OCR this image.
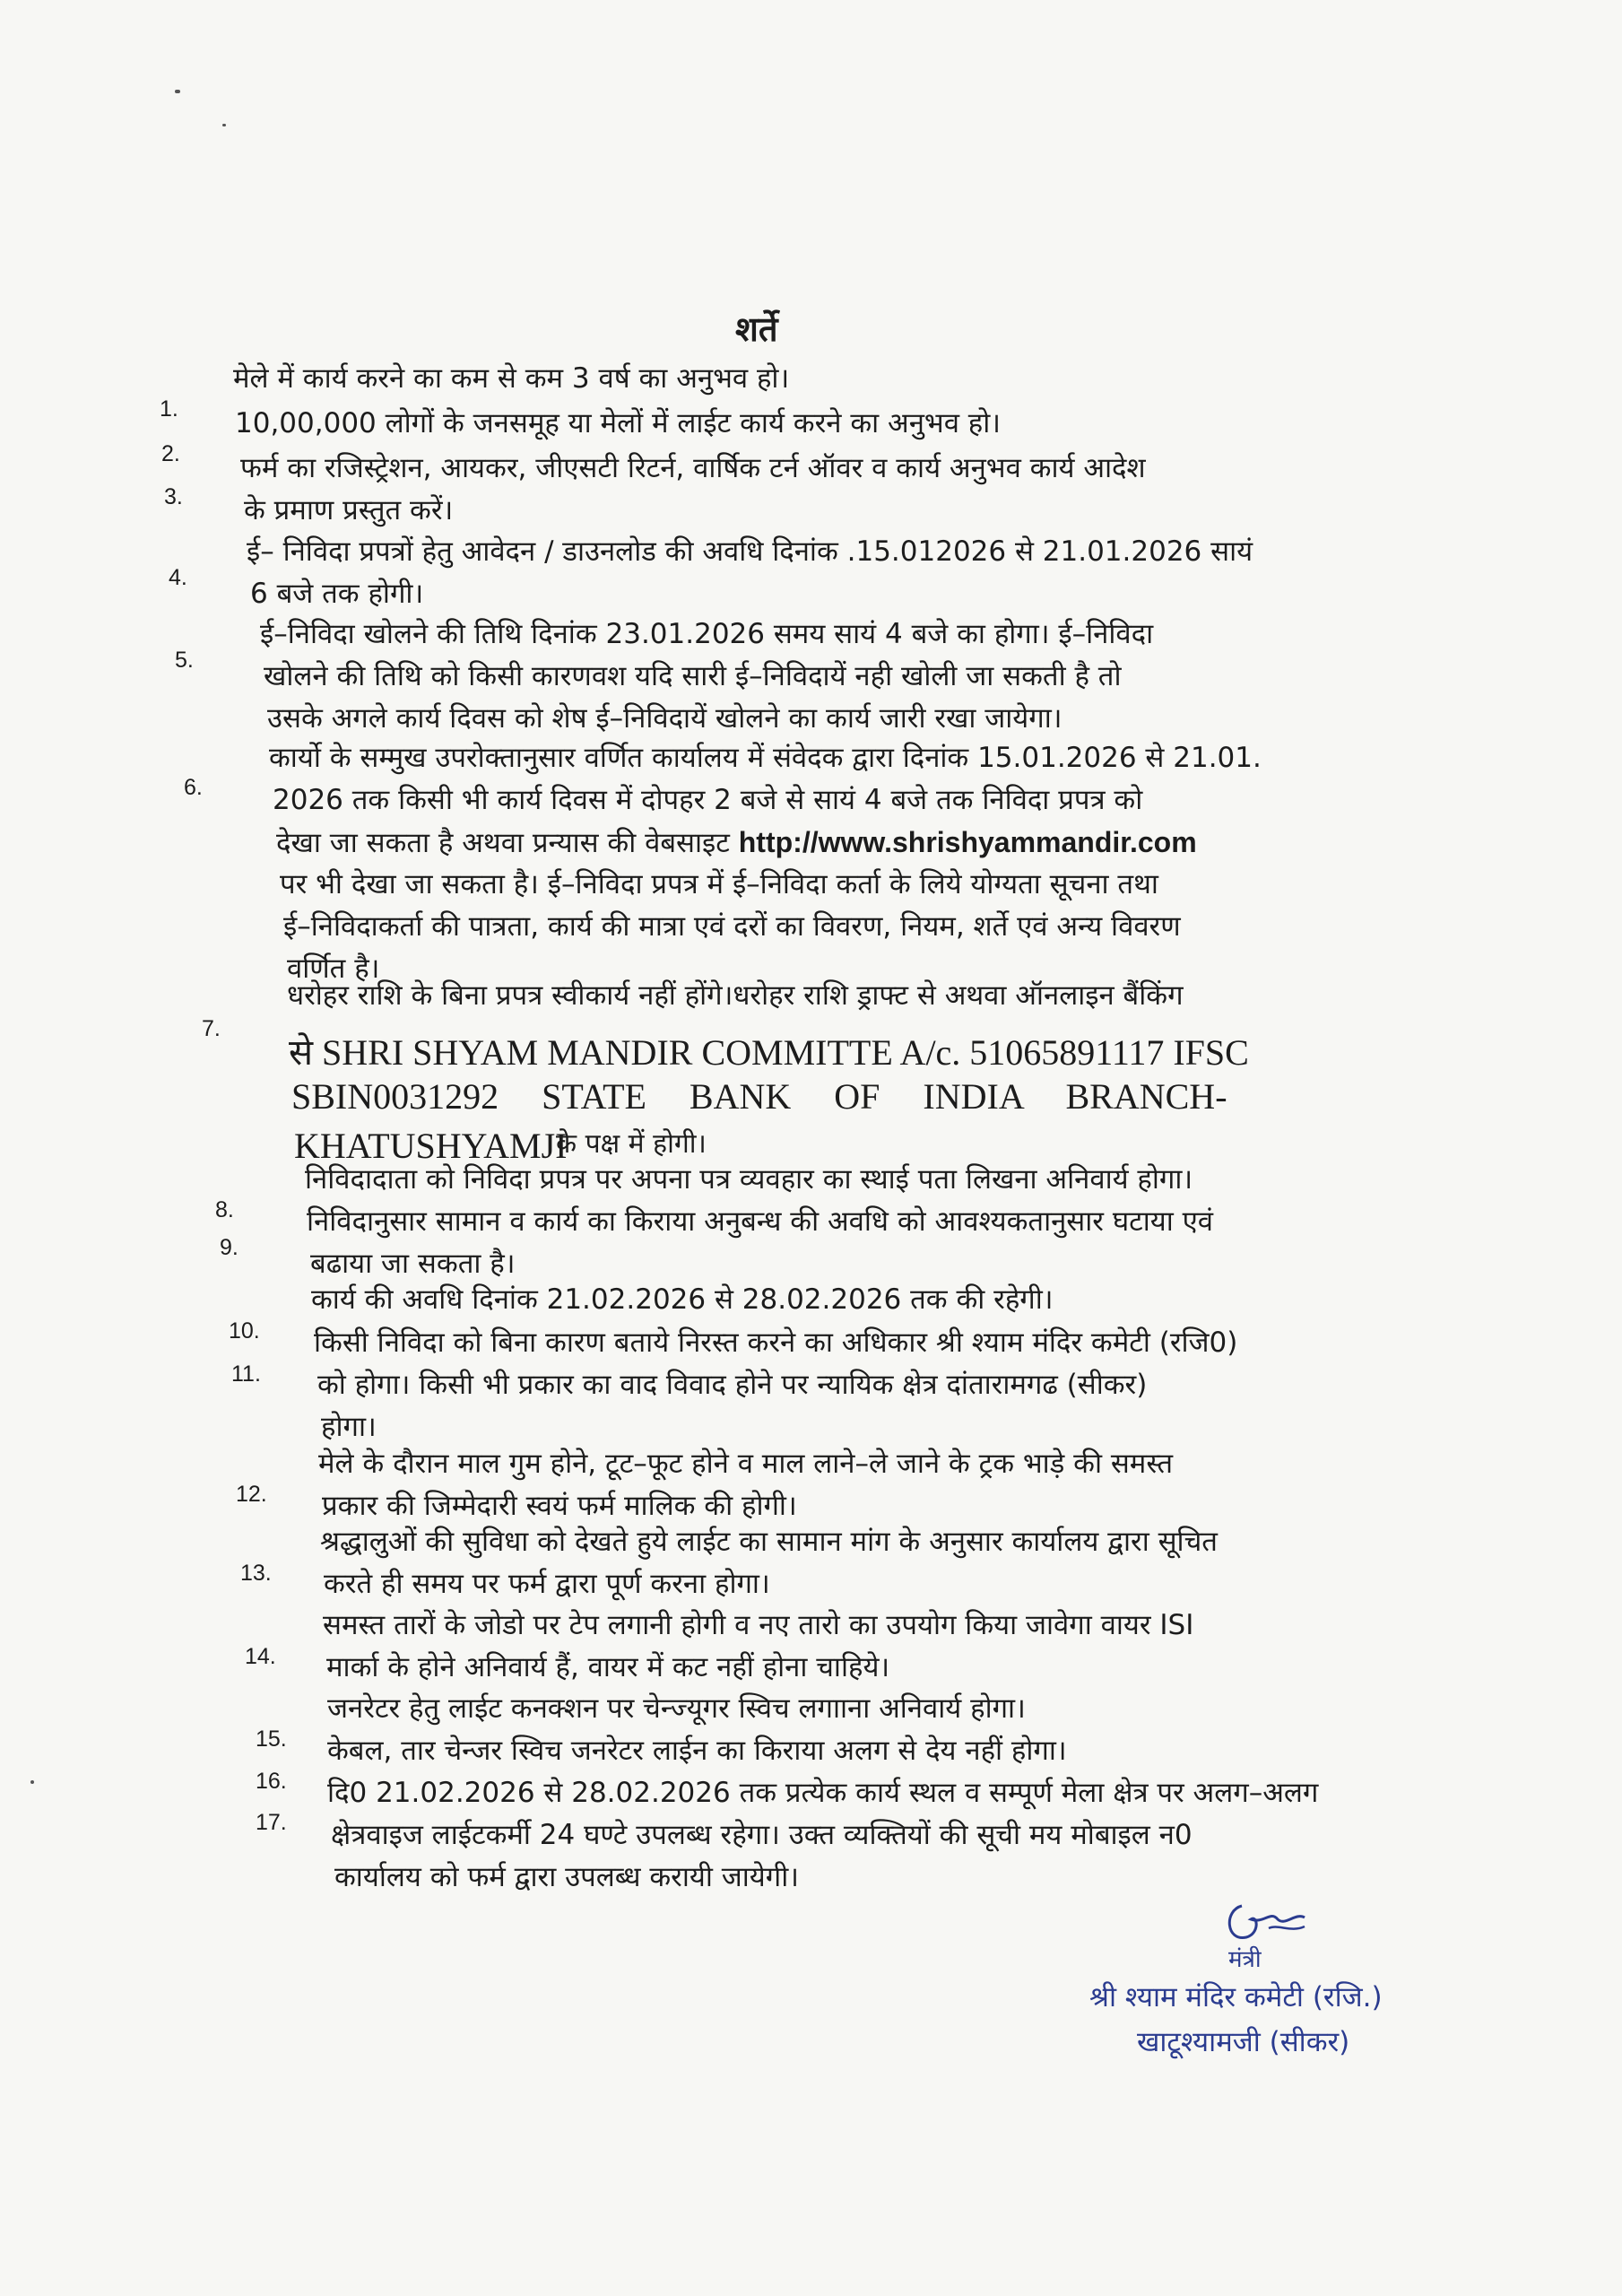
शर्ते
1.
मेले में कार्य करने का कम से कम 3 वर्ष का अनुभव हो।
2.
10,00,000 लोगों के जनसमूह या मेलों में लाईट कार्य करने का अनुभव हो।
3.
फर्म का रजिस्ट्रेशन, आयकर, जीएसटी रिटर्न, वार्षिक टर्न ऑवर व कार्य अनुभव कार्य आदेश
के प्रमाण प्रस्तुत करें।
4.
ई– निविदा प्रपत्रों हेतु आवेदन / डाउनलोड की अवधि दिनांक .15.012026 से 21.01.2026 सायं
6 बजे तक होगी।
5.
ई–निविदा खोलने की तिथि दिनांक 23.01.2026 समय सायं 4 बजे का होगा। ई–निविदा
खोलने की तिथि को किसी कारणवश यदि सारी ई–निविदायें नही खोली जा सकती है तो
उसके अगले कार्य दिवस को शेष ई–निविदायें खोलने का कार्य जारी रखा जायेगा।
6.
कार्यो के सम्मुख उपरोक्तानुसार वर्णित कार्यालय में संवेदक द्वारा दिनांक 15.01.2026 से 21.01.
2026 तक किसी भी कार्य दिवस में दोपहर 2 बजे से सायं 4 बजे तक निविदा प्रपत्र को
देखा जा सकता है अथवा प्रन्यास की वेबसाइट http://www.shrishyammandir.com
पर भी देखा जा सकता है। ई–निविदा प्रपत्र में ई–निविदा कर्ता के लिये योग्यता सूचना तथा
ई–निविदाकर्ता की पात्रता, कार्य की मात्रा एवं दरों का विवरण, नियम, शर्ते एवं अन्य विवरण
वर्णित है।
7.
धरोहर राशि के बिना प्रपत्र स्वीकार्य नहीं होंगे।धरोहर राशि ड्राफ्ट से अथवा ऑनलाइन बैंकिंग
से SHRI SHYAM MANDIR COMMITTE A/c. 51065891117 IFSC
SBIN0031292 STATE BANK OF INDIA BRANCH-
KHATUSHYAMJI
के पक्ष में होगी।
8.
निविदादाता को निविदा प्रपत्र पर अपना पत्र व्यवहार का स्थाई पता लिखना अनिवार्य होगा।
9.
निविदानुसार सामान व कार्य का किराया अनुबन्ध की अवधि को आवश्यकतानुसार घटाया एवं
बढाया जा सकता है।
10.
कार्य की अवधि दिनांक 21.02.2026 से 28.02.2026 तक की रहेगी।
11.
किसी निविदा को बिना कारण बताये निरस्त करने का अधिकार श्री श्याम मंदिर कमेटी (रजि0)
को होगा। किसी भी प्रकार का वाद विवाद होने पर न्यायिक क्षेत्र दांतारामगढ (सीकर)
होगा।
12.
मेले के दौरान माल गुम होने, टूट–फूट होने व माल लाने–ले जाने के ट्रक भाड़े की समस्त
प्रकार की जिम्मेदारी स्वयं फर्म मालिक की होगी।
13.
श्रद्धालुओं की सुविधा को देखते हुये लाईट का सामान मांग के अनुसार कार्यालय द्वारा सूचित
करते ही समय पर फर्म द्वारा पूर्ण करना होगा।
14.
समस्त तारों के जोडो पर टेप लगानी होगी व नए तारो का उपयोग किया जावेगा वायर ISI
मार्का के होने अनिवार्य हैं, वायर में कट नहीं होना चाहिये।
15.
जनरेटर हेतु लाईट कनक्शन पर चेन्ज्यूगर स्विच लगााना अनिवार्य होगा।
16.
केबल, तार चेन्जर स्विच जनरेटर लाईन का किराया अलग से देय नहीं होगा।
17.
दि0 21.02.2026 से 28.02.2026 तक प्रत्येक कार्य स्थल व सम्पूर्ण मेला क्षेत्र पर अलग–अलग
क्षेत्रवाइज लाईटकर्मी 24 घण्टे उपलब्ध रहेगा। उक्त व्यक्तियों की सूची मय मोबाइल न0
कार्यालय को फर्म द्वारा उपलब्ध करायी जायेगी।
मंत्री
श्री श्याम मंदिर कमेटी (रजि.)
खाटूश्यामजी (सीकर)
